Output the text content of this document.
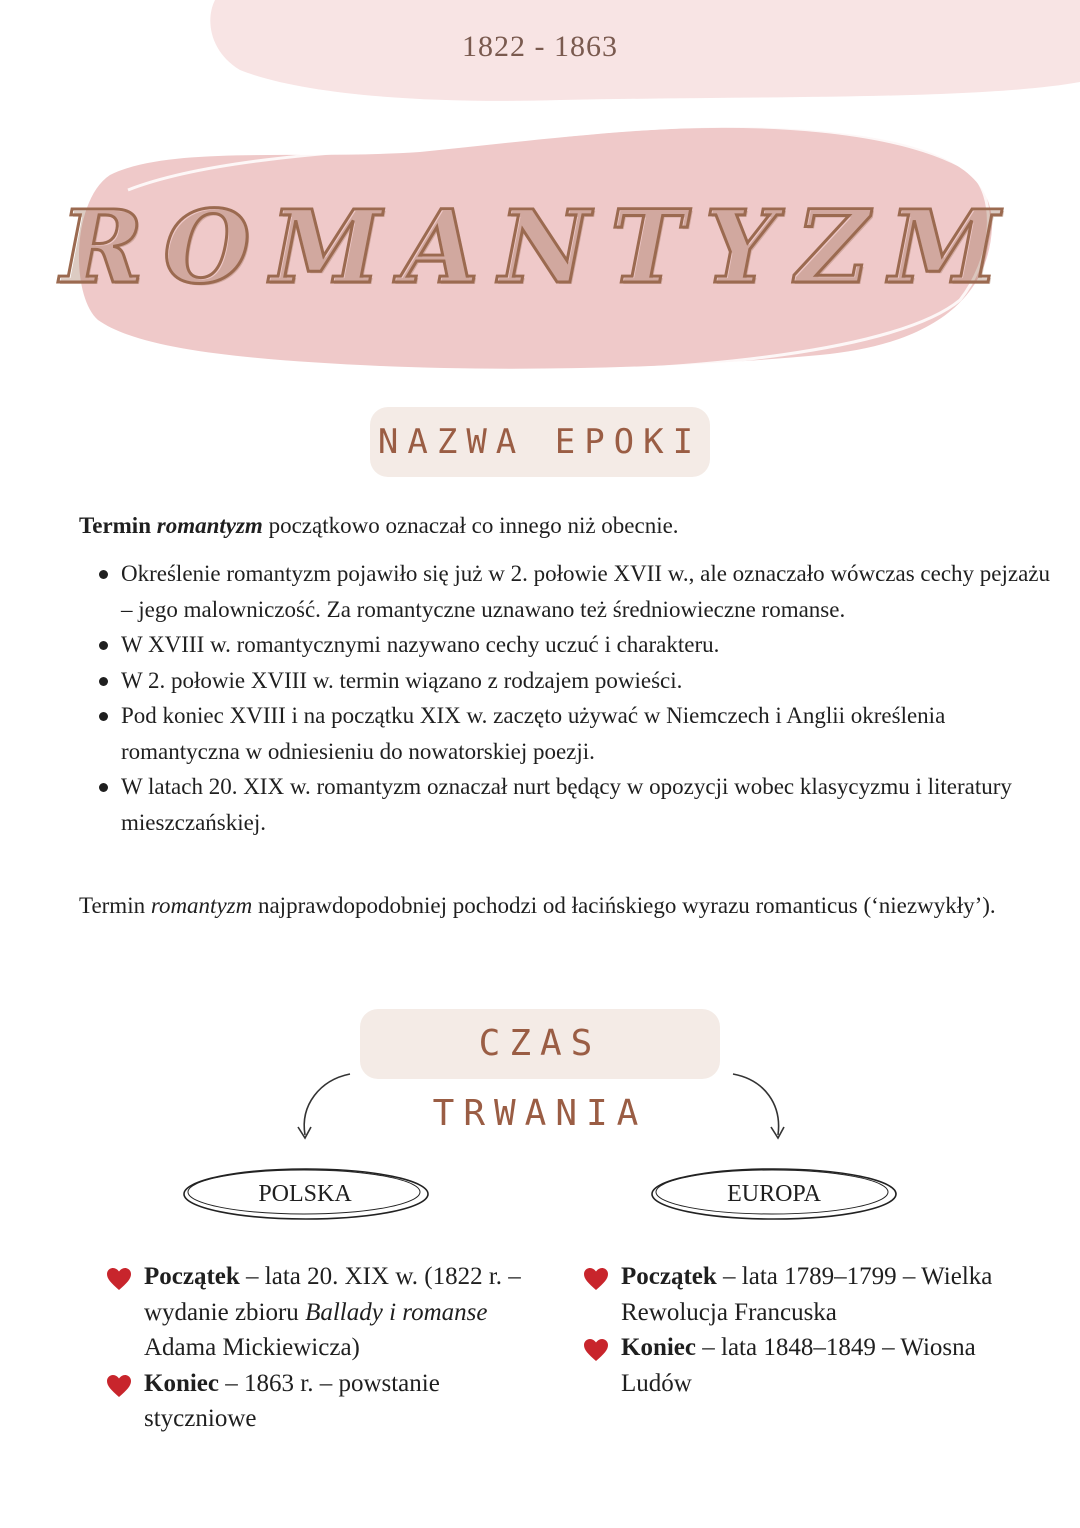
1822 - 1863
ROMANTYZM
NAZWA EPOKI
Termin romantyzm początkowo oznaczał co innego niż obecnie.
Określenie romantyzm pojawiło się już w 2. połowie XVII w., ale oznaczało wówczas cechy pejzażu – jego malowniczość. Za romantyczne uznawano też średniowieczne romanse.
W XVIII w. romantycznymi nazywano cechy uczuć i charakteru.
W 2. połowie XVIII w. termin wiązano z rodzajem powieści.
Pod koniec XVIII i na początku XIX w. zaczęto używać w Niemczech i Anglii określenia romantyczna w odniesieniu do nowatorskiej poezji.
W latach 20. XIX w. romantyzm oznaczał nurt będący w opozycji wobec klasycyzmu i literatury mieszczańskiej.
Termin romantyzm najprawdopodobniej pochodzi od łacińskiego wyrazu romanticus (‘niezwykły’).
CZAS TRWANIA
POLSKA	EUROPA
Początek – lata 20. XIX w. (1822 r. – wydanie zbioru Ballady i romanse Adama Mickiewicza)
Koniec – 1863 r. – powstanie styczniowe
Początek – lata 1789–1799 – Wielka Rewolucja Francuska
Koniec – lata 1848–1849 – Wiosna Ludów
